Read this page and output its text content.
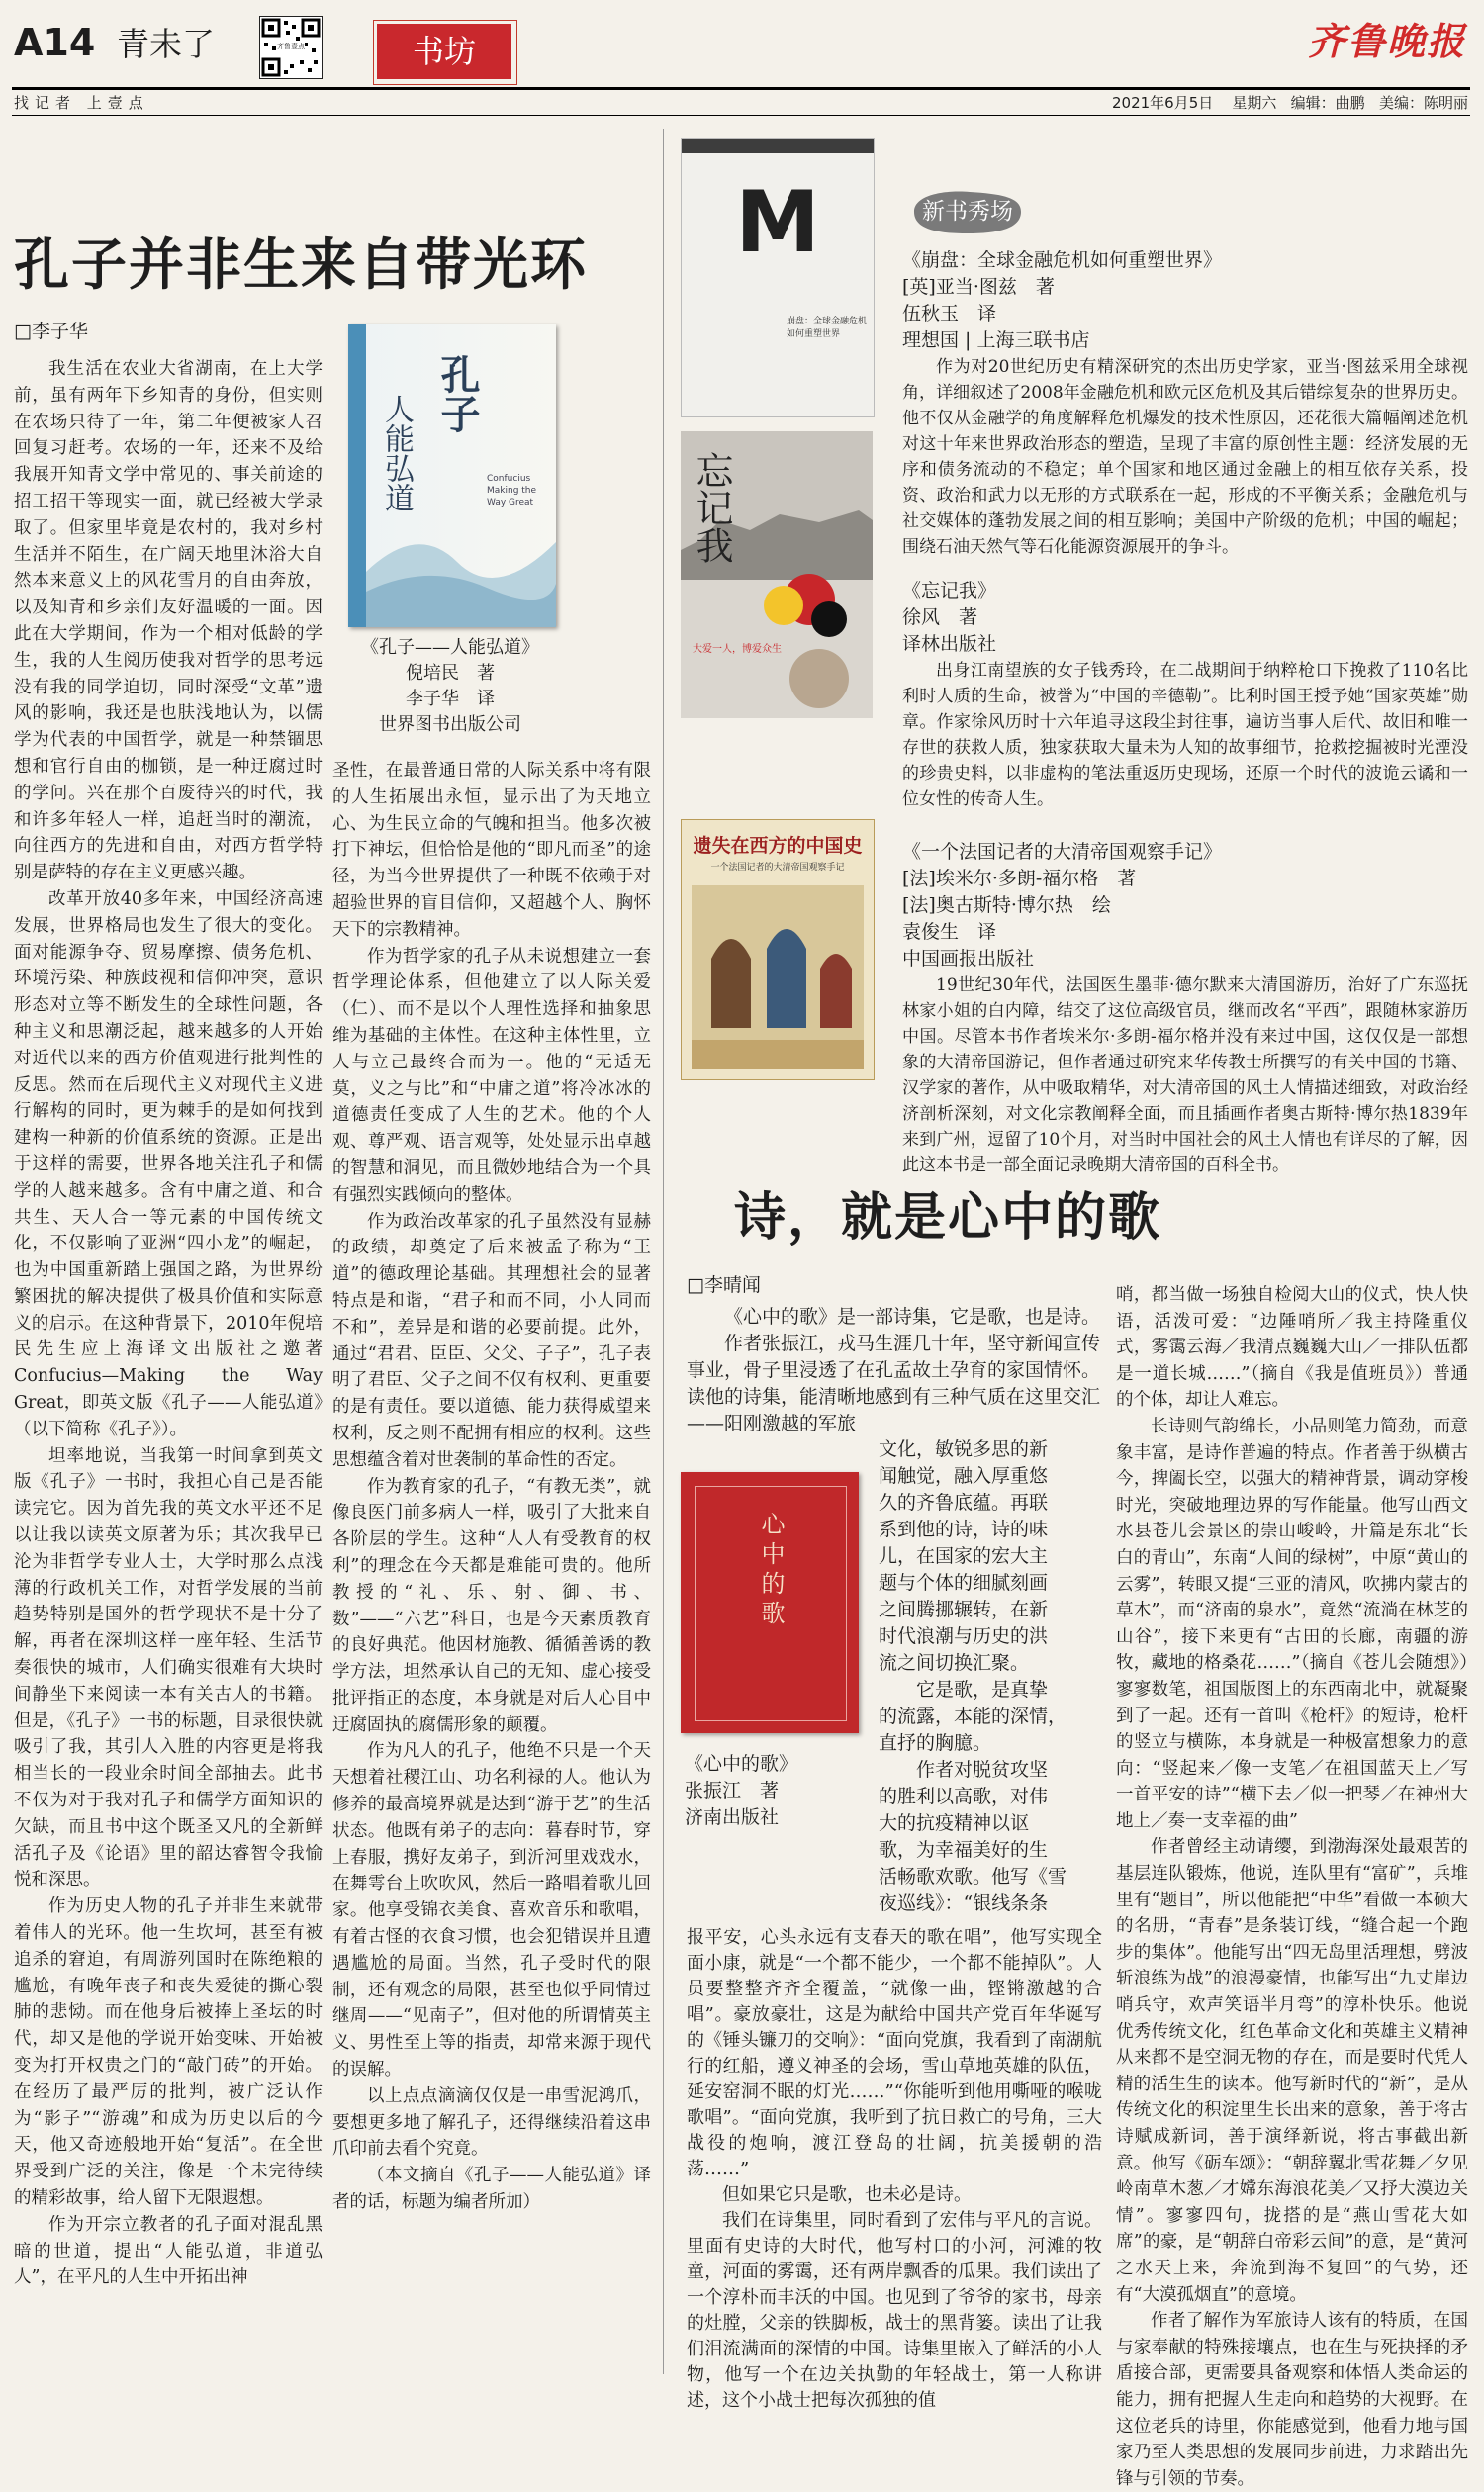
A14 青未了	齐鲁壹点	书坊	齐鲁晚报
找记者 上壹点	2021年6月5日 星期六 编辑：曲鹏 美编：陈明丽
孔子并非生来自带光环
□李子华
孔子
人能弘道	Confucius Making the Way Great
《孔子——人能弘道》
倪培民　著
李子华　译
世界图书出版公司

我生活在农业大省湖南，在上大学前，虽有两年下乡知青的身份，但实则在农场只待了一年，第二年便被家人召回复习赶考。农场的一年，还来不及给我展开知青文学中常见的、事关前途的招工招干等现实一面，就已经被大学录取了。但家里毕竟是农村的，我对乡村生活并不陌生，在广阔天地里沐浴大自然本来意义上的风花雪月的自由奔放，以及知青和乡亲们友好温暖的一面。因此在大学期间，作为一个相对低龄的学生，我的人生阅历使我对哲学的思考远没有我的同学迫切，同时深受“文革”遗风的影响，我还是也肤浅地认为，以儒学为代表的中国哲学，就是一种禁锢思想和官行自由的枷锁，是一种迂腐过时的学问。兴在那个百废待兴的时代，我和许多年轻人一样，追赶当时的潮流，向往西方的先进和自由，对西方哲学特别是萨特的存在主义更感兴趣。

改革开放40多年来，中国经济高速发展，世界格局也发生了很大的变化。面对能源争夺、贸易摩擦、债务危机、环境污染、种族歧视和信仰冲突，意识形态对立等不断发生的全球性问题，各种主义和思潮泛起，越来越多的人开始对近代以来的西方价值观进行批判性的反思。然而在后现代主义对现代主义进行解构的同时，更为棘手的是如何找到建构一种新的价值系统的资源。正是出于这样的需要，世界各地关注孔子和儒学的人越来越多。含有中庸之道、和合共生、天人合一等元素的中国传统文化，不仅影响了亚洲“四小龙”的崛起，也为中国重新踏上强国之路，为世界纷繁困扰的解决提供了极具价值和实际意义的启示。在这种背景下，2010年倪培民先生应上海译文出版社之邀著Confucius—Making the Way Great，即英文版《孔子——人能弘道》（以下简称《孔子》）。

坦率地说，当我第一时间拿到英文版《孔子》一书时，我担心自己是否能读完它。因为首先我的英文水平还不足以让我以读英文原著为乐；其次我早已沦为非哲学专业人士，大学时那么点浅薄的行政机关工作，对哲学发展的当前趋势特别是国外的哲学现状不是十分了解，再者在深圳这样一座年轻、生活节奏很快的城市，人们确实很难有大块时间静坐下来阅读一本有关古人的书籍。但是，《孔子》一书的标题，目录很快就吸引了我，其引人入胜的内容更是将我相当长的一段业余时间全部抽去。此书不仅为对于我对孔子和儒学方面知识的欠缺，而且书中这个既圣又凡的全新鲜活孔子及《论语》里的韶达睿智令我愉悦和深思。

作为历史人物的孔子并非生来就带着伟人的光环。他一生坎坷，甚至有被追杀的窘迫，有周游列国时在陈绝粮的尴尬，有晚年丧子和丧失爱徒的撕心裂肺的悲恸。而在他身后被捧上圣坛的时代，却又是他的学说开始变味、开始被变为打开权贵之门的“敲门砖”的开始。在经历了最严厉的批判，被广泛认作为“影子”“游魂”和成为历史以后的今天，他又奇迹般地开始“复活”。在全世界受到广泛的关注，像是一个未完待续的精彩故事，给人留下无限遐想。

作为开宗立教者的孔子面对混乱黑暗的世道，提出“人能弘道，非道弘人”，在平凡的人生中开拓出神

圣性，在最普通日常的人际关系中将有限的人生拓展出永恒，显示出了为天地立心、为生民立命的气魄和担当。他多次被打下神坛，但恰恰是他的“即凡而圣”的途径，为当今世界提供了一种既不依赖于对超验世界的盲目信仰，又超越个人、胸怀天下的宗教精神。

作为哲学家的孔子从未说想建立一套哲学理论体系，但他建立了以人际关爱（仁）、而不是以个人理性选择和抽象思维为基础的主体性。在这种主体性里，立人与立己最终合而为一。他的“无适无莫，义之与比”和“中庸之道”将冷冰冰的道德责任变成了人生的艺术。他的个人观、尊严观、语言观等，处处显示出卓越的智慧和洞见，而且微妙地结合为一个具有强烈实践倾向的整体。

作为政治改革家的孔子虽然没有显赫的政绩，却奠定了后来被孟子称为“王道”的德政理论基础。其理想社会的显著特点是和谐，“君子和而不同，小人同而不和”，差异是和谐的必要前提。此外，通过“君君、臣臣、父父、子子”，孔子表明了君臣、父子之间不仅有权利、更重要的是有责任。要以道德、能力获得威望来权利，反之则不配拥有相应的权利。这些思想蕴含着对世袭制的革命性的否定。

作为教育家的孔子，“有教无类”，就像良医门前多病人一样，吸引了大批来自各阶层的学生。这种“人人有受教育的权利”的理念在今天都是难能可贵的。他所教授的“礼、乐、射、御、书、数”——“六艺”科目，也是今天素质教育的良好典范。他因材施教、循循善诱的教学方法，坦然承认自己的无知、虚心接受批评指正的态度，本身就是对后人心目中迂腐固执的腐儒形象的颠覆。

作为凡人的孔子，他绝不只是一个天天想着社稷江山、功名利禄的人。他认为修养的最高境界就是达到“游于艺”的生活状态。他既有弟子的志向：暮春时节，穿上春服，携好友弟子，到沂河里戏戏水，在舞雩台上吹吹风，然后一路唱着歌儿回家。他享受锦衣美食、喜欢音乐和歌唱，有着古怪的衣食习惯，也会犯错误并且遭遇尴尬的局面。当然，孔子受时代的限制，还有观念的局限，甚至也似乎同情过继周——“见南子”，但对他的所谓情英主义、男性至上等的指责，却常来源于现代的误解。

以上点点滴滴仅仅是一串雪泥鸿爪，要想更多地了解孔子，还得继续沿着这串爪印前去看个究竟。

（本文摘自《孔子——人能弘道》译者的话，标题为编者所加）

新书秀场
M
崩盘：全球金融危机如何重塑世界
《崩盘：全球金融危机如何重塑世界》
[英]亚当·图兹　著
伍秋玉　译
理想国 | 上海三联书店

作为对20世纪历史有精深研究的杰出历史学家，亚当·图兹采用全球视角，详细叙述了2008年金融危机和欧元区危机及其后错综复杂的世界历史。他不仅从金融学的角度解释危机爆发的技术性原因，还花很大篇幅阐述危机对这十年来世界政治形态的塑造，呈现了丰富的原创性主题：经济发展的无序和债务流动的不稳定；单个国家和地区通过金融上的相互依存关系，投资、政治和武力以无形的方式联系在一起，形成的不平衡关系；金融危机与社交媒体的蓬勃发展之间的相互影响；美国中产阶级的危机；中国的崛起；围绕石油天然气等石化能源资源展开的争斗。

忘记我
大爱一人，博爱众生
《忘记我》
徐风　著
译林出版社

出身江南望族的女子钱秀玲，在二战期间于纳粹枪口下挽救了110名比利时人质的生命，被誉为“中国的辛德勒”。比利时国王授予她“国家英雄”勋章。作家徐风历时十六年追寻这段尘封往事，遍访当事人后代、故旧和唯一存世的获救人质，独家获取大量未为人知的故事细节，抢救挖掘被时光湮没的珍贵史料，以非虚构的笔法重返历史现场，还原一个时代的波诡云谲和一位女性的传奇人生。

遗失在西方的中国史
一个法国记者的大清帝国观察手记
《一个法国记者的大清帝国观察手记》
[法]埃米尔·多朗-福尔格　著
[法]奥古斯特·博尔热　绘
袁俊生　译
中国画报出版社

19世纪30年代，法国医生墨菲·德尔默来大清国游历，治好了广东巡抚林家小姐的白内障，结交了这位高级官员，继而改名“平西”，跟随林家游历中国。尽管本书作者埃米尔·多朗-福尔格并没有来过中国，这仅仅是一部想象的大清帝国游记，但作者通过研究来华传教士所撰写的有关中国的书籍、汉学家的著作，从中吸取精华，对大清帝国的风土人情描述细致，对政治经济剖析深刻，对文化宗教阐释全面，而且插画作者奥古斯特·博尔热1839年来到广州，逗留了10个月，对当时中国社会的风土人情也有详尽的了解，因此这本书是一部全面记录晚期大清帝国的百科全书。

诗，就是心中的歌
□李晴闻

《心中的歌》是一部诗集，它是歌，也是诗。

作者张振江，戎马生涯几十年，坚守新闻宣传事业，骨子里浸透了在孔孟故土孕育的家国情怀。读他的诗集，能清晰地感到有三种气质在这里交汇——阳刚激越的军旅

心中的歌
《心中的歌》
张振江　著
济南出版社
文化，敏锐多思的新
闻触觉，融入厚重悠
久的齐鲁底蕴。再联
系到他的诗，诗的味
儿，在国家的宏大主
题与个体的细腻刻画
之间腾挪辗转，在新
时代浪潮与历史的洪
流之间切换汇聚。
　　它是歌，是真挚
的流露，本能的深情，
直抒的胸臆。
　　作者对脱贫攻坚
的胜利以高歌，对伟
大的抗疫精神以讴
歌，为幸福美好的生
活畅歌欢歌。他写《雪
夜巡线》：“银线条条

报平安，心头永远有支春天的歌在唱”，他写实现全面小康，就是“一个都不能少，一个都不能掉队”。人员要整整齐齐全覆盖，“就像一曲，铿锵激越的合唱”。豪放豪壮，这是为献给中国共产党百年华诞写的《锤头镰刀的交响》：“面向党旗，我看到了南湖航行的红船，遵义神圣的会场，雪山草地英雄的队伍，延安窑洞不眠的灯光……”“你能听到他用嘶哑的喉咙歌唱”。“面向党旗，我听到了抗日救亡的号角，三大战役的炮响，渡江登岛的壮阔，抗美援朝的浩荡……”

但如果它只是歌，也未必是诗。

我们在诗集里，同时看到了宏伟与平凡的言说。里面有史诗的大时代，他写村口的小河，河滩的牧童，河面的雾霭，还有两岸飘香的瓜果。我们读出了一个淳朴而丰沃的中国。也见到了爷爷的家书，母亲的灶膛，父亲的铁脚板，战士的黑背篓。读出了让我们泪流满面的深情的中国。诗集里嵌入了鲜活的小人物，他写一个在边关执勤的年轻战士，第一人称讲述，这个小战士把每次孤独的值

哨，都当做一场独自检阅大山的仪式，快人快语，活泼可爱：“边陲哨所／我主持隆重仪式，雾霭云海／我清点巍巍大山／一排队伍都是一道长城……”（摘自《我是值班员》）普通的个体，却让人难忘。

长诗则气韵绵长，小品则笔力简劲，而意象丰富，是诗作普遍的特点。作者善于纵横古今，捭阖长空，以强大的精神背景，调动穿梭时光，突破地理边界的写作能量。他写山西文水县苍儿会景区的崇山峻岭，开篇是东北“长白的青山”，东南“人间的绿树”，中原“黄山的云雾”，转眼又提“三亚的清风，吹拂内蒙古的草木”，而“济南的泉水”，竟然“流淌在林芝的山谷”，接下来更有“古田的长廊，南疆的游牧，藏地的格桑花……”（摘自《苍儿会随想》）寥寥数笔，祖国版图上的东西南北中，就凝聚到了一起。还有一首叫《枪杆》的短诗，枪杆的竖立与横陈，本身就是一种极富想象力的意向：“竖起来／像一支笔／在祖国蓝天上／写一首平安的诗”“横下去／似一把琴／在神州大地上／奏一支幸福的曲”

作者曾经主动请缨，到渤海深处最艰苦的基层连队锻炼，他说，连队里有“富矿”，兵堆里有“题目”，所以他能把“中华”看做一本硕大的名册，“青春”是条装订线，“缝合起一个跑步的集体”。他能写出“四无岛里活理想，劈波斩浪练为战”的浪漫豪情，也能写出“九丈崖边哨兵守，欢声笑语半月弯”的淳朴快乐。他说优秀传统文化，红色革命文化和英雄主义精神从来都不是空洞无物的存在，而是要时代凭人精的活生生的读本。他写新时代的“新”，是从传统文化的积淀里生长出来的意象，善于将古诗赋成新词，善于演绎新说，将古事截出新意。他写《砺车颂》：“朝辞翼北雪花舞／夕见岭南草木葱／才嫦东海浪花美／又抒大漠边关情”。寥寥四句，拢搭的是“燕山雪花大如席”的豪，是“朝辞白帝彩云间”的意，是“黄河之水天上来，奔流到海不复回”的气势，还有“大漠孤烟直”的意境。

作者了解作为军旅诗人该有的特质，在国与家奉献的特殊接壤点，也在生与死抉择的矛盾接合部，更需要具备观察和体悟人类命运的能力，拥有把握人生走向和趋势的大视野。在这位老兵的诗里，你能感觉到，他看力地与国家乃至人类思想的发展同步前进，力求踏出先锋与引领的节奏。
